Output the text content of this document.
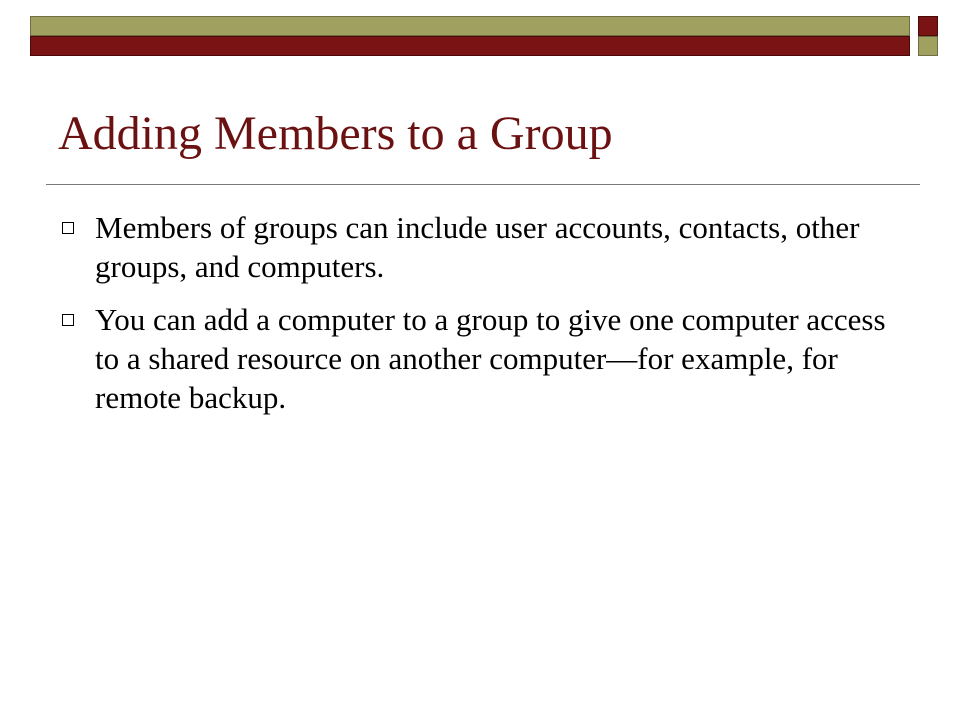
Adding Members to a Group
Members of groups can include user accounts, contacts, other groups, and computers.
You can add a computer to a group to give one computer access to a shared resource on another computer—for example, for remote backup.
